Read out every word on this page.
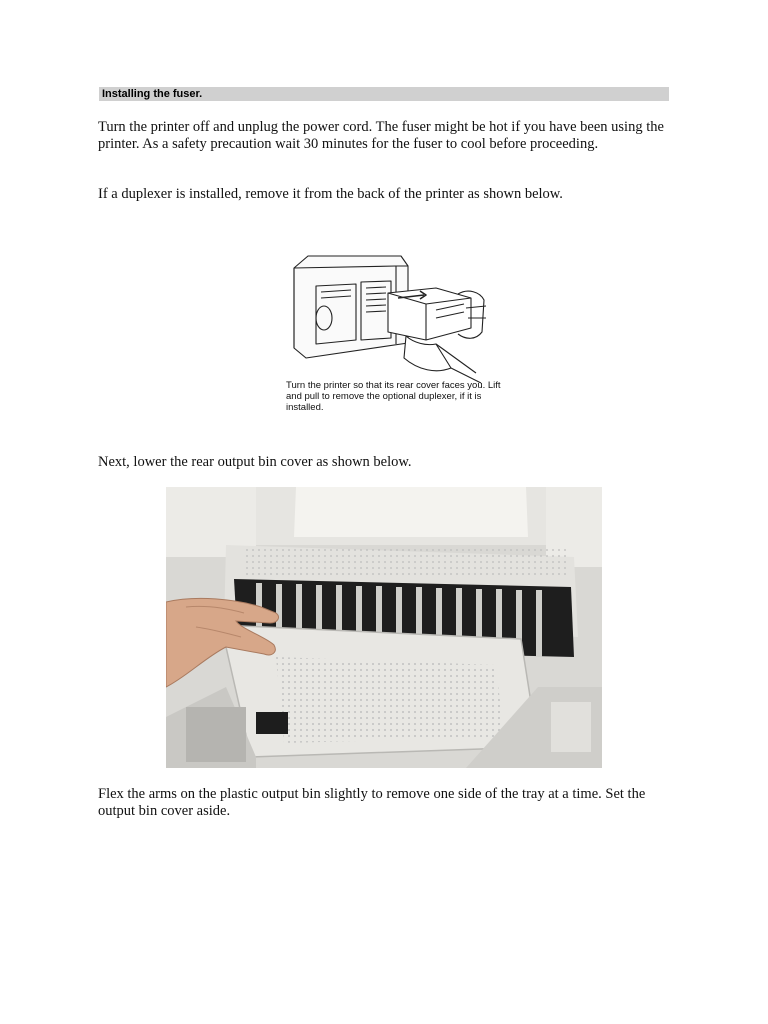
Installing the fuser.

Turn the printer off and unplug the power cord. The fuser might be hot if you have been using the printer. As a safety precaution wait 30 minutes for the fuser to cool before proceeding.

If a duplexer is installed, remove it from the back of the printer as shown below.

Turn the printer so that its rear cover faces you. Lift and pull to remove the optional duplexer, if it is installed.

Next, lower the rear output bin cover as shown below.

Flex the arms on the plastic output bin slightly to remove one side of the tray at a time. Set the output bin cover aside.
